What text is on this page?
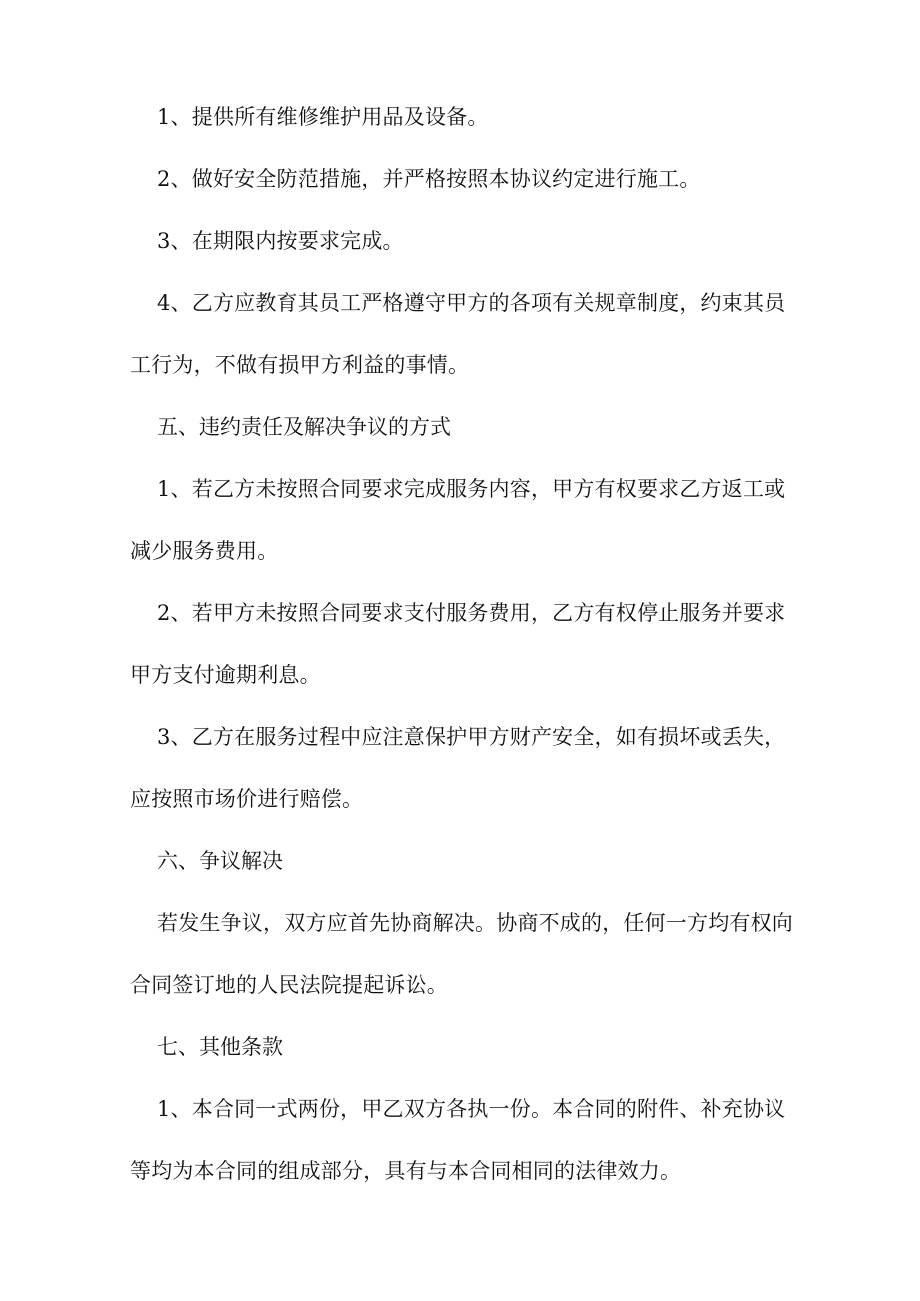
1、提供所有维修维护用品及设备。

2、做好安全防范措施，并严格按照本协议约定进行施工。

3、在期限内按要求完成。

4、乙方应教育其员工严格遵守甲方的各项有关规章制度，约束其员工行为，不做有损甲方利益的事情。

五、违约责任及解决争议的方式

1、若乙方未按照合同要求完成服务内容，甲方有权要求乙方返工或减少服务费用。

2、若甲方未按照合同要求支付服务费用，乙方有权停止服务并要求甲方支付逾期利息。

3、乙方在服务过程中应注意保护甲方财产安全，如有损坏或丢失，应按照市场价进行赔偿。

六、争议解决

若发生争议，双方应首先协商解决。协商不成的，任何一方均有权向合同签订地的人民法院提起诉讼。

七、其他条款

1、本合同一式两份，甲乙双方各执一份。本合同的附件、补充协议等均为本合同的组成部分，具有与本合同相同的法律效力。
